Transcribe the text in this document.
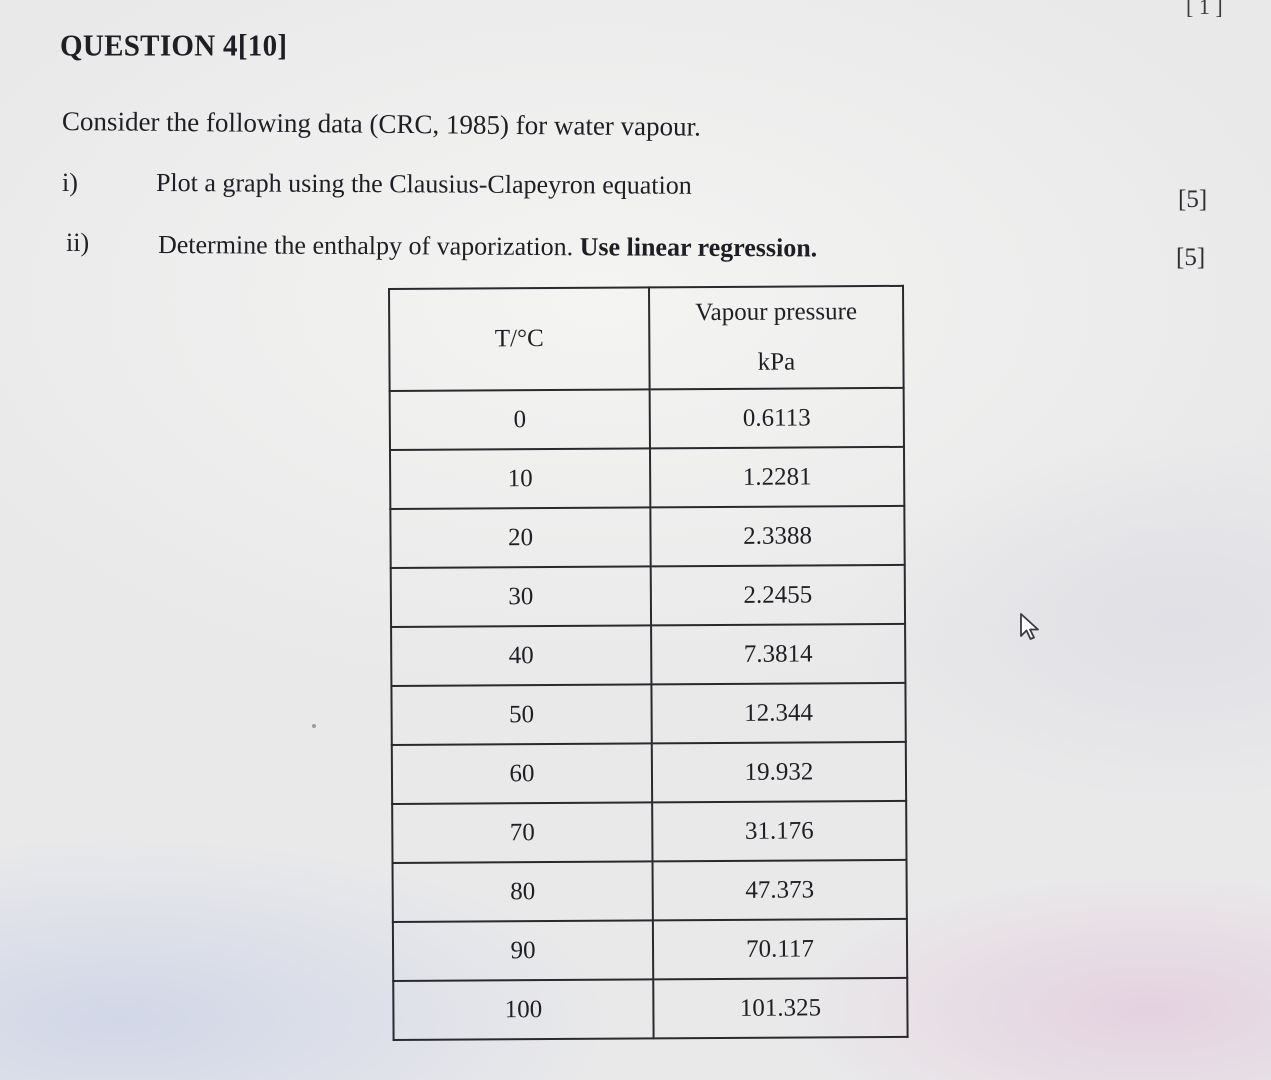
[ 1 ]
QUESTION 4[10]
Consider the following data (CRC, 1985) for water vapour.
i)	Plot a graph using the Clausius-Clapeyron equation	[5]
ii)	Determine the enthalpy of vaporization. Use linear regression.	[5]
T/°C	Vapour pressure
kPa

0	0.6113
10	1.2281
20	2.3388
30	2.2455
40	7.3814
50	12.344
60	19.932
70	31.176
80	47.373
90	70.117
100	101.325
